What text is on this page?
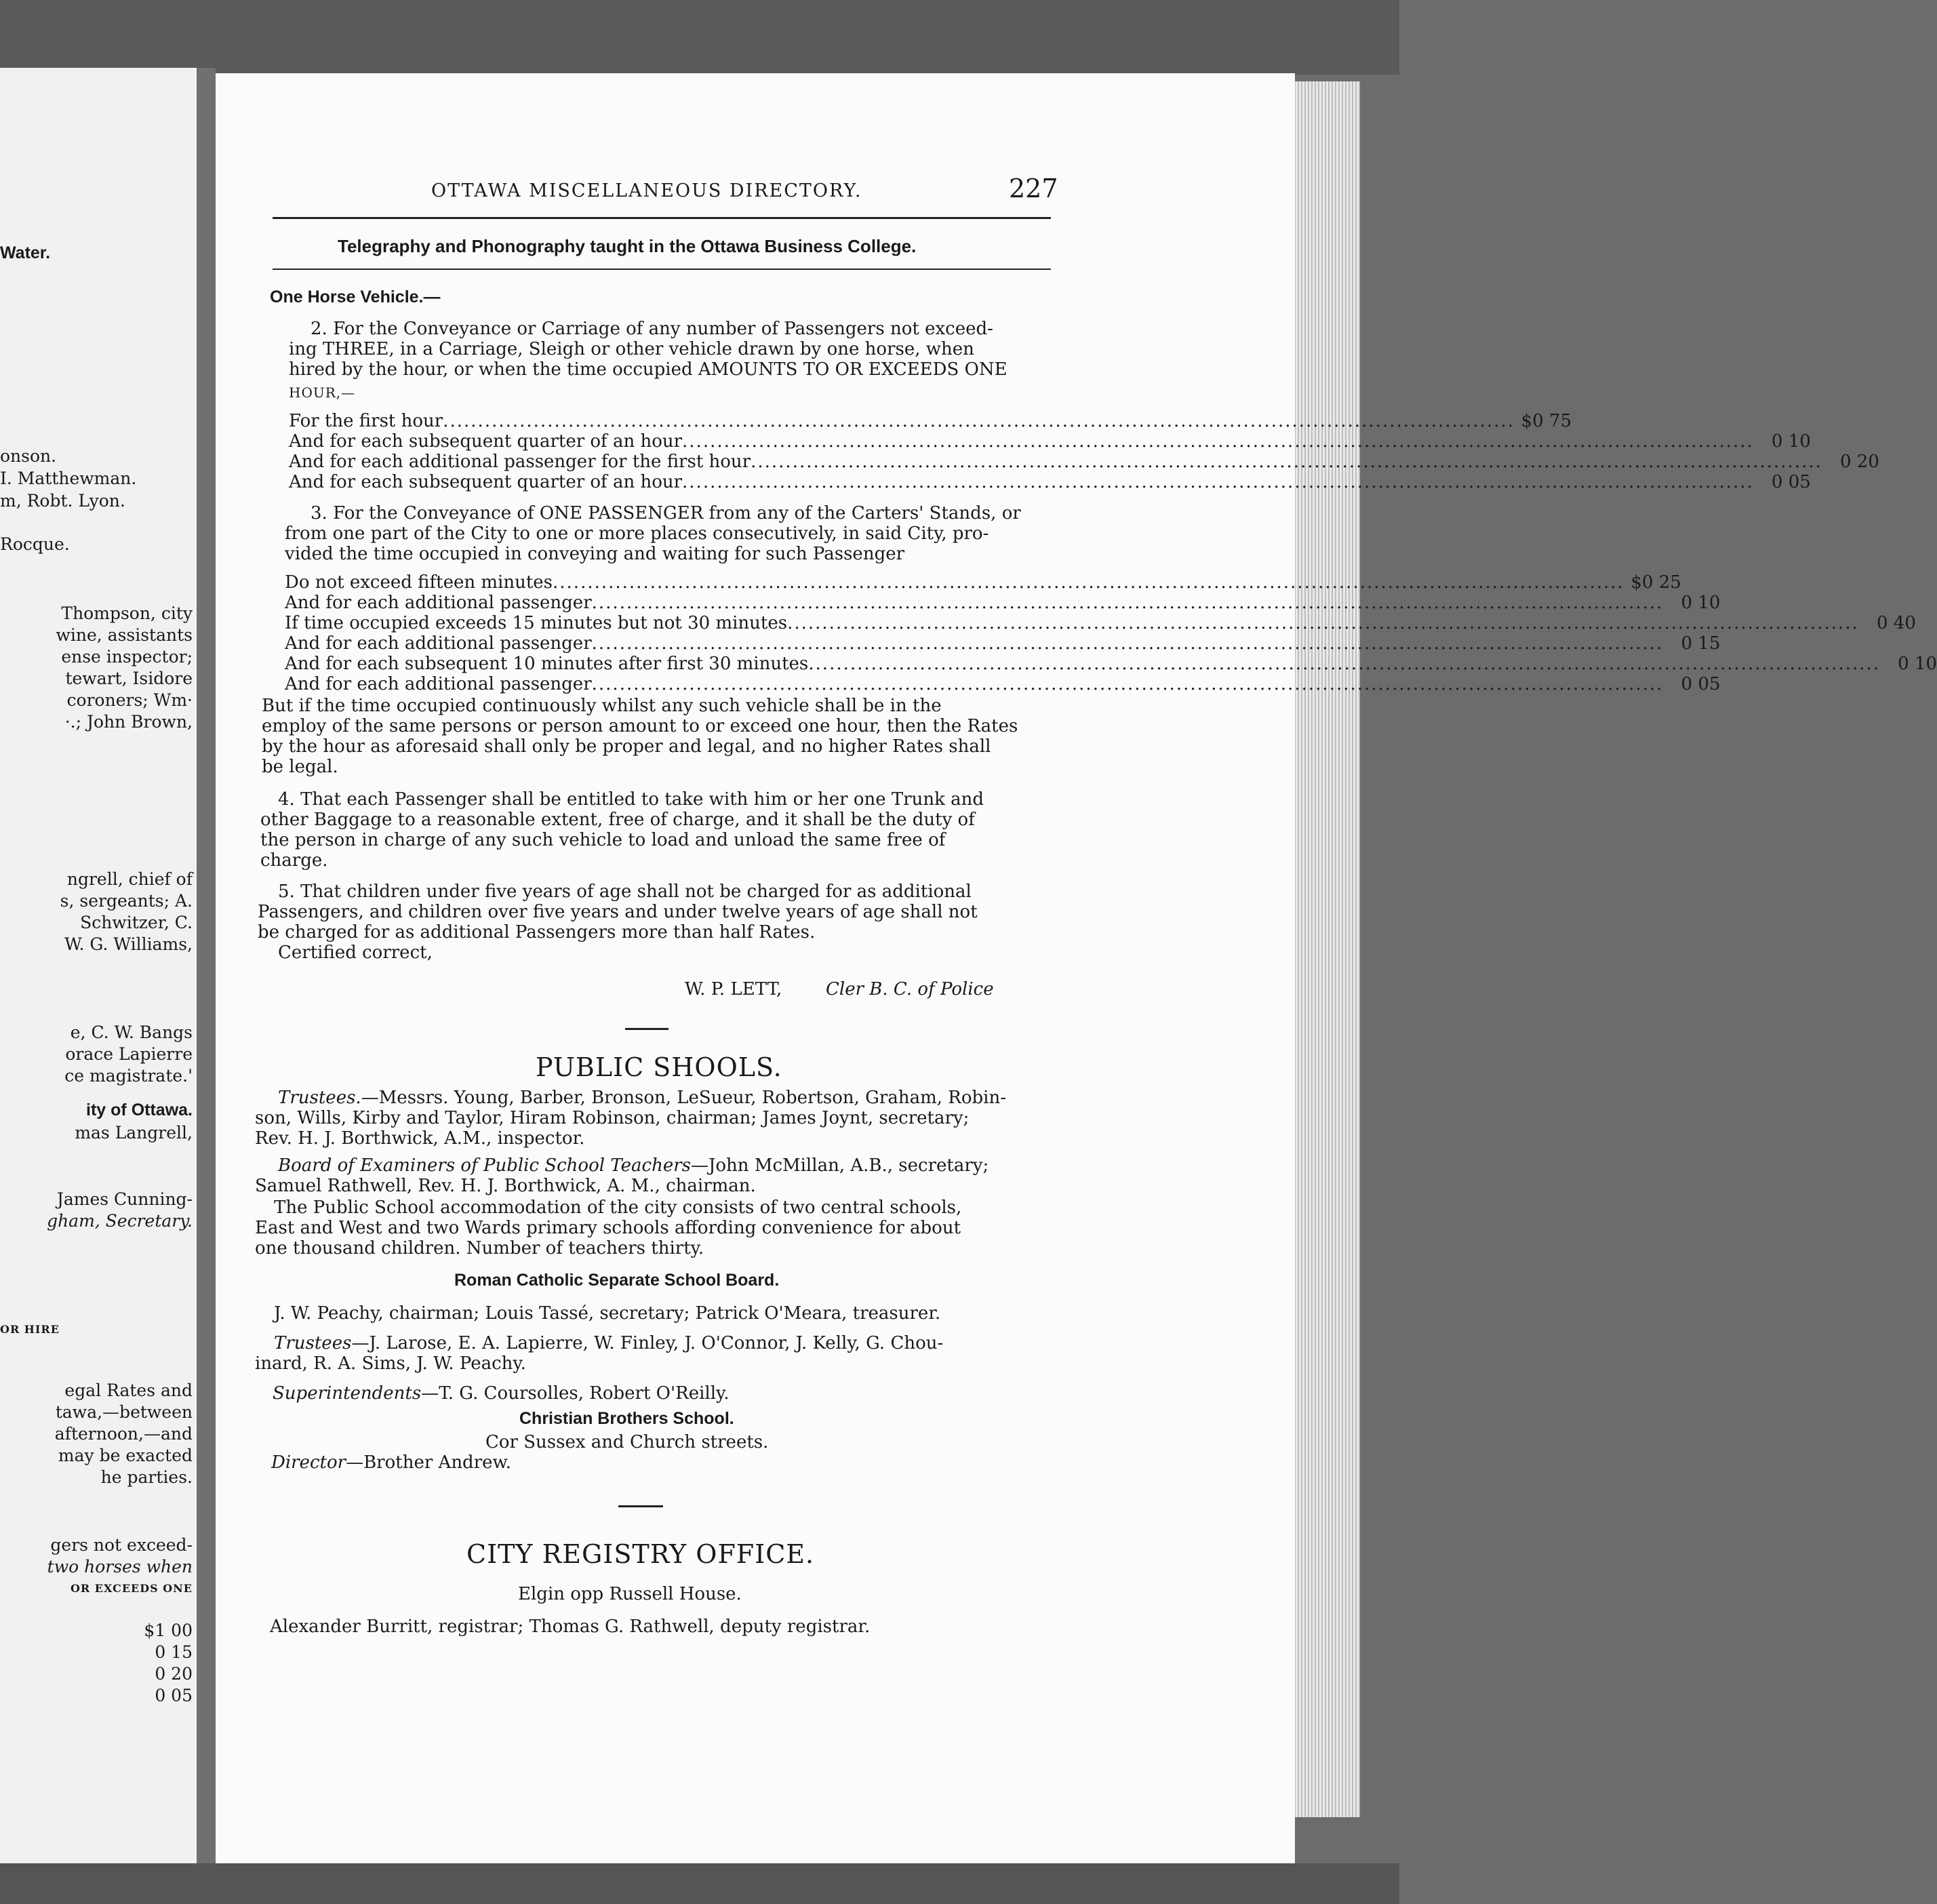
Water.
onson.
I. Matthewman.
m, Robt. Lyon.
Rocque.
Thompson, city
wine, assistants
ense inspector;
tewart, Isidore
coroners; Wm·
·.; John Brown,
ngrell, chief of
s, sergeants; A.
Schwitzer, C.
W. G. Williams,
e, C. W. Bangs
orace Lapierre
ce magistrate.'
ity of Ottawa.
mas Langrell,
James Cunning-
gham, Secretary.
OR HIRE
egal Rates and
tawa,—between
afternoon,—and
may be exacted
he parties.
gers not exceed-
two horses when
OR EXCEEDS ONE
$1 00
0 15
0 20
0 05
OTTAWA MISCELLANEOUS DIRECTORY.	227
Telegraphy and Phonography taught in the Ottawa Business College.
One Horse Vehicle.—
2. For the Conveyance or Carriage of any number of Passengers not exceed-
ing THREE, in a Carriage, Sleigh or other vehicle drawn by one horse, when
hired by the hour, or when the time occupied AMOUNTS TO OR EXCEEDS ONE
HOUR,—
For the first hour .......................................................................................................................................................... $0 75
And for each subsequent quarter of an hour ..........................................................................................................................................................	0 10
And for each additional passenger for the first hour ..........................................................................................................................................................	0 20
And for each subsequent quarter of an hour ..........................................................................................................................................................	0 05
3. For the Conveyance of ONE PASSENGER from any of the Carters' Stands, or
from one part of the City to one or more places consecutively, in said City, pro-
vided the time occupied in conveying and waiting for such Passenger
Do not exceed fifteen minutes .......................................................................................................................................................... $0 25
And for each additional passenger ..........................................................................................................................................................	0 10
If time occupied exceeds 15 minutes but not 30 minutes ..........................................................................................................................................................	0 40
And for each additional passenger ..........................................................................................................................................................	0 15
And for each subsequent 10 minutes after first 30 minutes ..........................................................................................................................................................	0 10
And for each additional passenger ..........................................................................................................................................................	0 05
But if the time occupied continuously whilst any such vehicle shall be in the
employ of the same persons or person amount to or exceed one hour, then the Rates
by the hour as aforesaid shall only be proper and legal, and no higher Rates shall
be legal.
4. That each Passenger shall be entitled to take with him or her one Trunk and
other Baggage to a reasonable extent, free of charge, and it shall be the duty of
the person in charge of any such vehicle to load and unload the same free of
charge.
5. That children under five years of age shall not be charged for as additional
Passengers, and children over five years and under twelve years of age shall not
be charged for as additional Passengers more than half Rates.
Certified correct,
W. P. LETT, Cler B. C. of Police
PUBLIC SHOOLS.
Trustees.—Messrs. Young, Barber, Bronson, LeSueur, Robertson, Graham, Robin-
son, Wills, Kirby and Taylor, Hiram Robinson, chairman; James Joynt, secretary;
Rev. H. J. Borthwick, A.M., inspector.
Board of Examiners of Public School Teachers—John McMillan, A.B., secretary;
Samuel Rathwell, Rev. H. J. Borthwick, A. M., chairman.
The Public School accommodation of the city consists of two central schools,
East and West and two Wards primary schools affording convenience for about
one thousand children. Number of teachers thirty.
Roman Catholic Separate School Board.
J. W. Peachy, chairman; Louis Tassé, secretary; Patrick O'Meara, treasurer.
Trustees—J. Larose, E. A. Lapierre, W. Finley, J. O'Connor, J. Kelly, G. Chou-
inard, R. A. Sims, J. W. Peachy.
Superintendents—T. G. Coursolles, Robert O'Reilly.
Christian Brothers School.
Cor Sussex and Church streets.
Director—Brother Andrew.
CITY REGISTRY OFFICE.
Elgin opp Russell House.
Alexander Burritt, registrar; Thomas G. Rathwell, deputy registrar.
